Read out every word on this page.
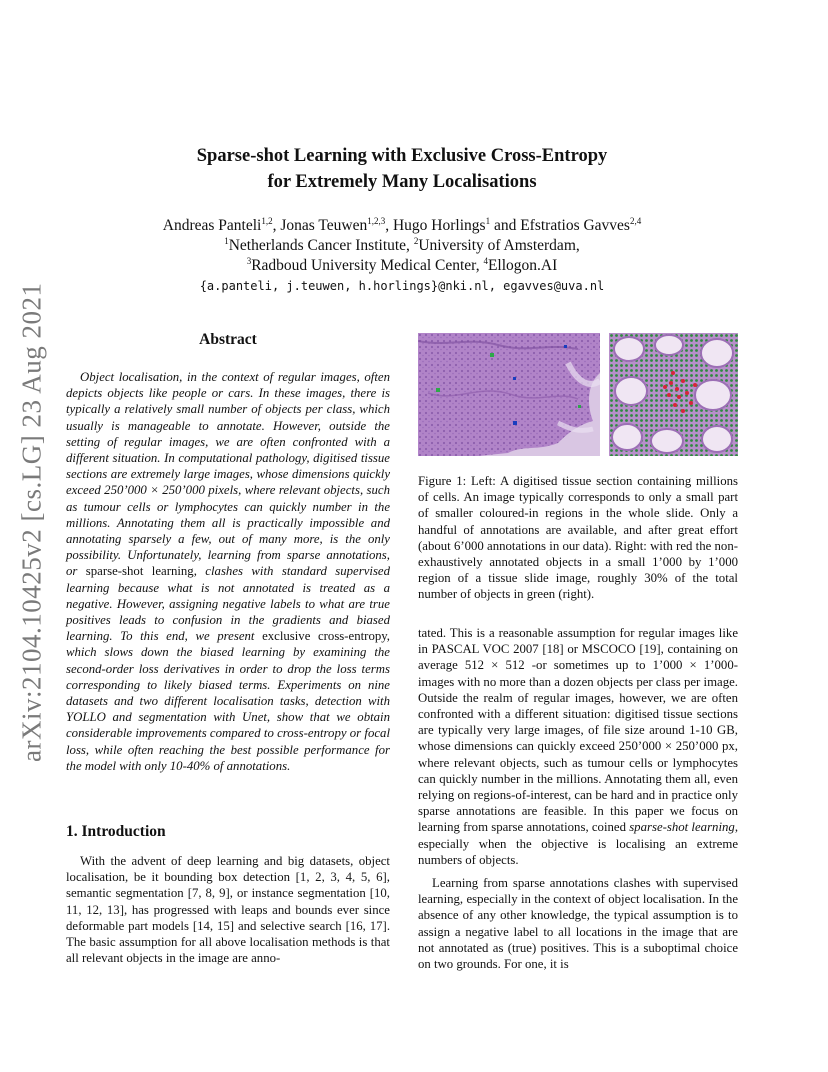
arXiv:2104.10425v2 [cs.LG] 23 Aug 2021
Sparse-shot Learning with Exclusive Cross-Entropy
for Extremely Many Localisations
Andreas Panteli$^{1,2}$, Jonas Teuwen$^{1,2,3}$, Hugo Horlings$^1$ and Efstratios Gavves$^{2,4}$
$^1$Netherlands Cancer Institute, $^2$University of Amsterdam,
$^3$Radboud University Medical Center, $^4$Ellogon.AI
{a.panteli, j.teuwen, h.horlings}@nki.nl, egavves@uva.nl
Abstract
Object localisation, in the context of regular images, often depicts objects like people or cars. In these images, there is typically a relatively small number of objects per class, which usually is manageable to annotate. However, outside the setting of regular images, we are often confronted with a different situation. In computational pathology, digitised tissue sections are extremely large images, whose dimensions quickly exceed 250’000 × 250’000 pixels, where relevant objects, such as tumour cells or lymphocytes can quickly number in the millions. Annotating them all is practically impossible and annotating sparsely a few, out of many more, is the only possibility. Unfortunately, learning from sparse annotations, or sparse-shot learning, clashes with standard supervised learning because what is not annotated is treated as a negative. However, assigning negative labels to what are true positives leads to confusion in the gradients and biased learning. To this end, we present exclusive cross-entropy, which slows down the biased learning by examining the second-order loss derivatives in order to drop the loss terms corresponding to likely biased terms. Experiments on nine datasets and two different localisation tasks, detection with YOLLO and segmentation with Unet, show that we obtain considerable improvements compared to cross-entropy or focal loss, while often reaching the best possible performance for the model with only 10-40% of annotations.
1. Introduction
With the advent of deep learning and big datasets, object localisation, be it bounding box detection [1, 2, 3, 4, 5, 6], semantic segmentation [7, 8, 9], or instance segmentation [10, 11, 12, 13], has progressed with leaps and bounds ever since deformable part models [14, 15] and selective search [16, 17]. The basic assumption for all above localisation methods is that all relevant objects in the image are anno-
Figure 1: Left: A digitised tissue section containing millions of cells. An image typically corresponds to only a small part of smaller coloured-in regions in the whole slide. Only a handful of annotations are available, and after great effort (about 6’000 annotations in our data). Right: with red the non-exhaustively annotated objects in a small 1’000 by 1’000 region of a tissue slide image, roughly 30% of the total number of objects in green (right).

tated. This is a reasonable assumption for regular images like in PASCAL VOC 2007 [18] or MSCOCO [19], containing on average 512 × 512 -or sometimes up to 1’000 × 1’000- images with no more than a dozen objects per class per image. Outside the realm of regular images, however, we are often confronted with a different situation: digitised tissue sections are typically very large images, of file size around 1-10 GB, whose dimensions can quickly exceed 250’000 × 250’000 px, where relevant objects, such as tumour cells or lymphocytes can quickly number in the millions. Annotating them all, even relying on regions-of-interest, can be hard and in practice only sparse annotations are feasible. In this paper we focus on learning from sparse annotations, coined sparse-shot learning, especially when the objective is localising an extreme numbers of objects.

Learning from sparse annotations clashes with supervised learning, especially in the context of object localisation. In the absence of any other knowledge, the typical assumption is to assign a negative label to all locations in the image that are not annotated as (true) positives. This is a suboptimal choice on two grounds. For one, it is
